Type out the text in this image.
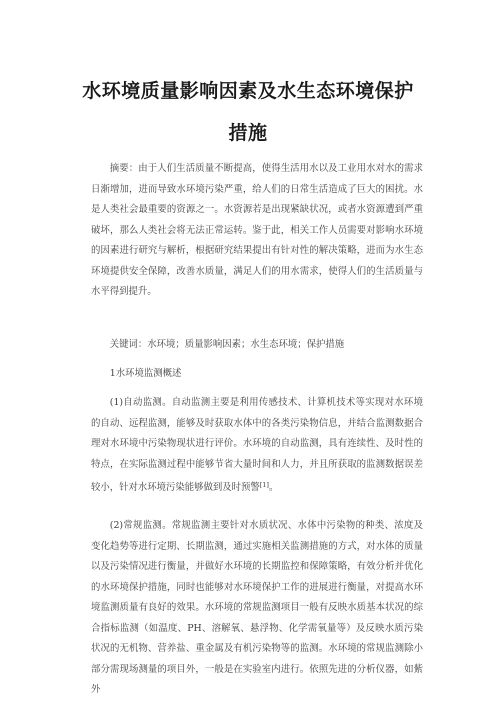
水环境质量影响因素及水生态环境保护
措施

摘要：由于人们生活质量不断提高，使得生活用水以及工业用水对水的需求日渐增加，进而导致水环境污染严重，给人们的日常生活造成了巨大的困扰。水是人类社会最重要的资源之一。水资源若是出现紧缺状况，或者水资源遭到严重破坏，那么人类社会将无法正常运转。鉴于此，相关工作人员需要对影响水环境的因素进行研究与解析，根据研究结果提出有针对性的解决策略，进而为水生态环境提供安全保障，改善水质量，满足人们的用水需求，使得人们的生活质量与水平得到提升。

关键词：水环境；质量影响因素；水生态环境；保护措施
1水环境监测概述

(1)自动监测。自动监测主要是利用传感技术、计算机技术等实现对水环境的自动、远程监测，能够及时获取水体中的各类污染物信息，并结合监测数据合理对水环境中污染物现状进行评价。水环境的自动监测，具有连续性、及时性的特点，在实际监测过程中能够节省大量时间和人力，并且所获取的监测数据误差较小，针对水环境污染能够做到及时预警[1]。

(2)常规监测。常规监测主要针对水质状况、水体中污染物的种类、浓度及变化趋势等进行定期、长期监测，通过实施相关监测措施的方式，对水体的质量以及污染情况进行衡量，并做好水环境的长期监控和保障策略，有效分析并优化的水环境保护措施，同时也能够对水环境保护工作的进展进行衡量，对提高水环境监测质量有良好的效果。水环境的常规监测项目一般有反映水质基本状况的综合指标监测（如温度、PH、溶解氧、悬浮物、化学需氧量等）及反映水质污染状况的无机物、营养盐、重金属及有机污染物等的监测。水环境的常规监测除小部分需现场测量的项目外，一般是在实验室内进行。依照先进的分析仪器，如紫外
